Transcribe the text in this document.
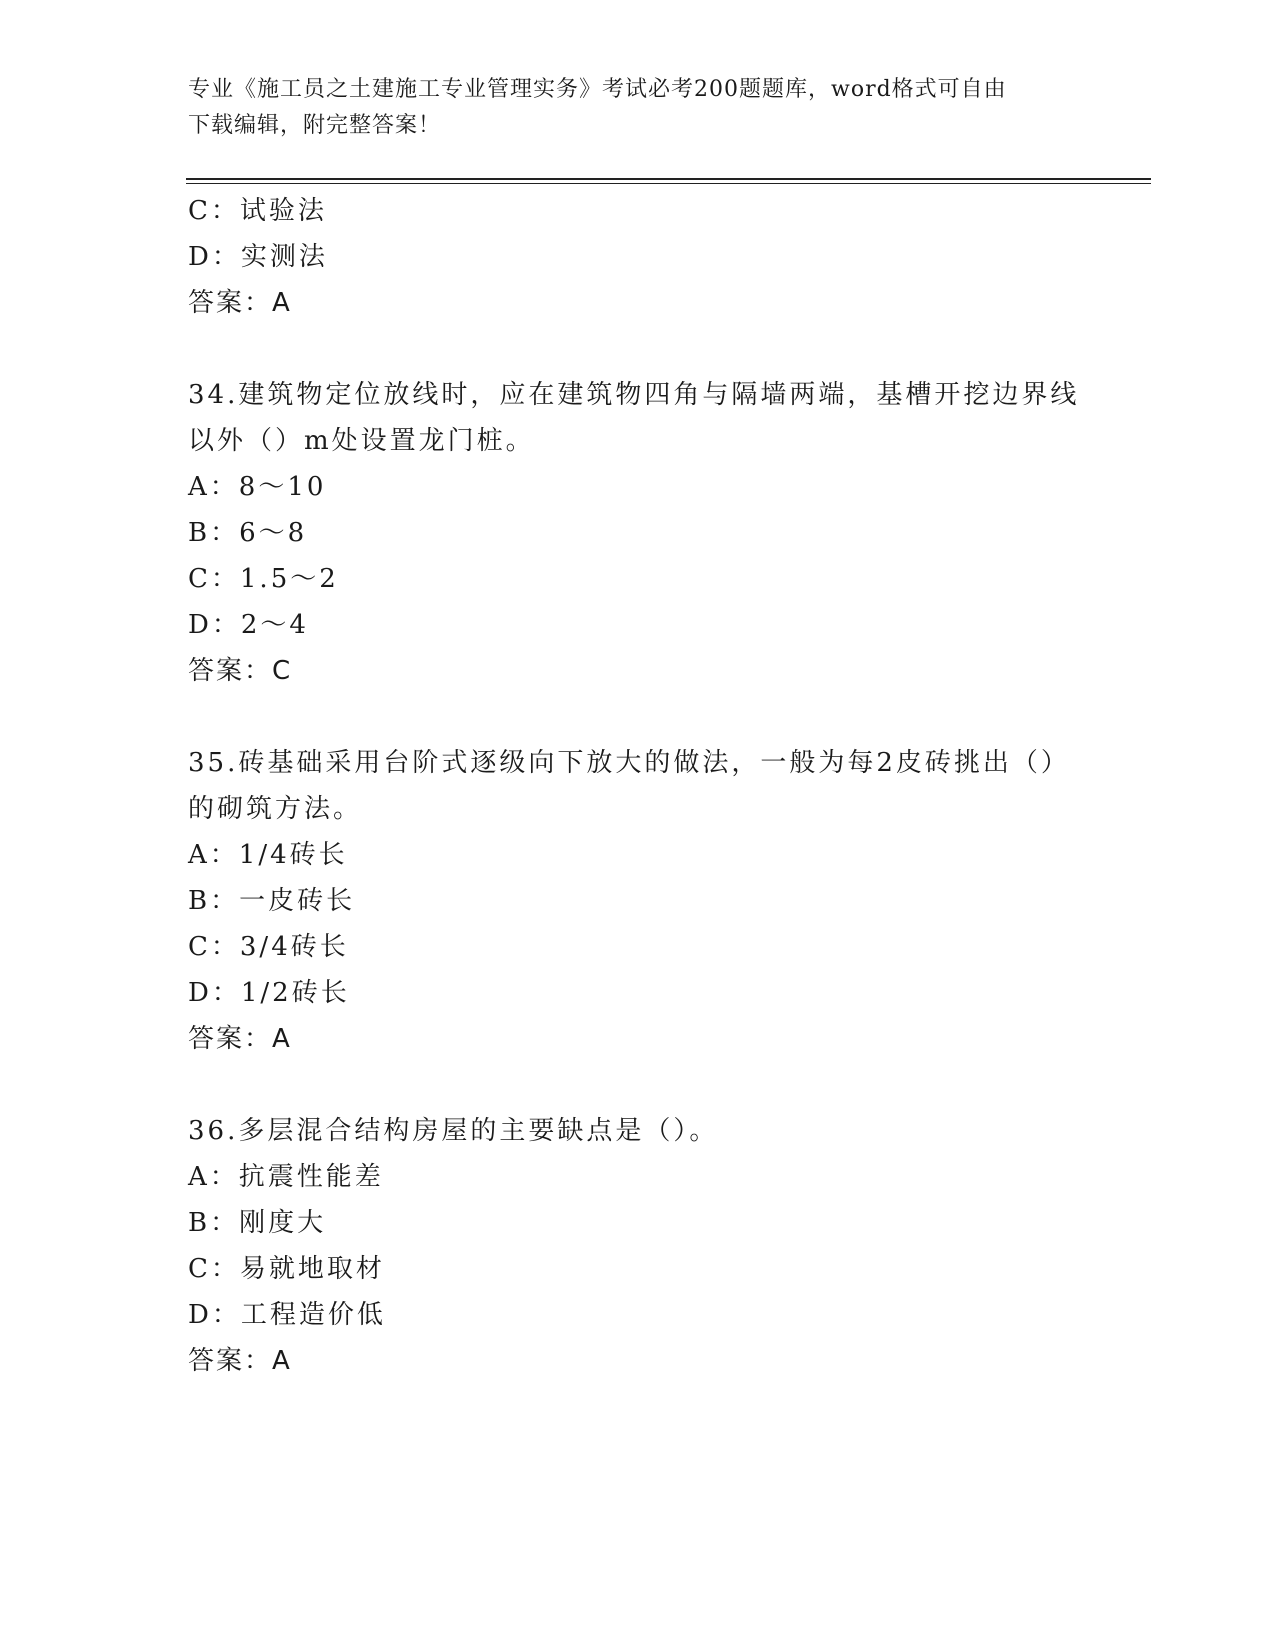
专业《施工员之土建施工专业管理实务》考试必考200题题库，word格式可自由
下载编辑，附完整答案！
C：试验法
D：实测法
答案：A
34.建筑物定位放线时，应在建筑物四角与隔墙两端，基槽开挖边界线
以外（）m处设置龙门桩。
A：8～10
B：6～8
C：1.5～2
D：2～4
答案：C
35.砖基础采用台阶式逐级向下放大的做法，一般为每2皮砖挑出（）
的砌筑方法。
A：1/4砖长
B：一皮砖长
C：3/4砖长
D：1/2砖长
答案：A
36.多层混合结构房屋的主要缺点是（）。
A：抗震性能差
B：刚度大
C：易就地取材
D：工程造价低
答案：A
